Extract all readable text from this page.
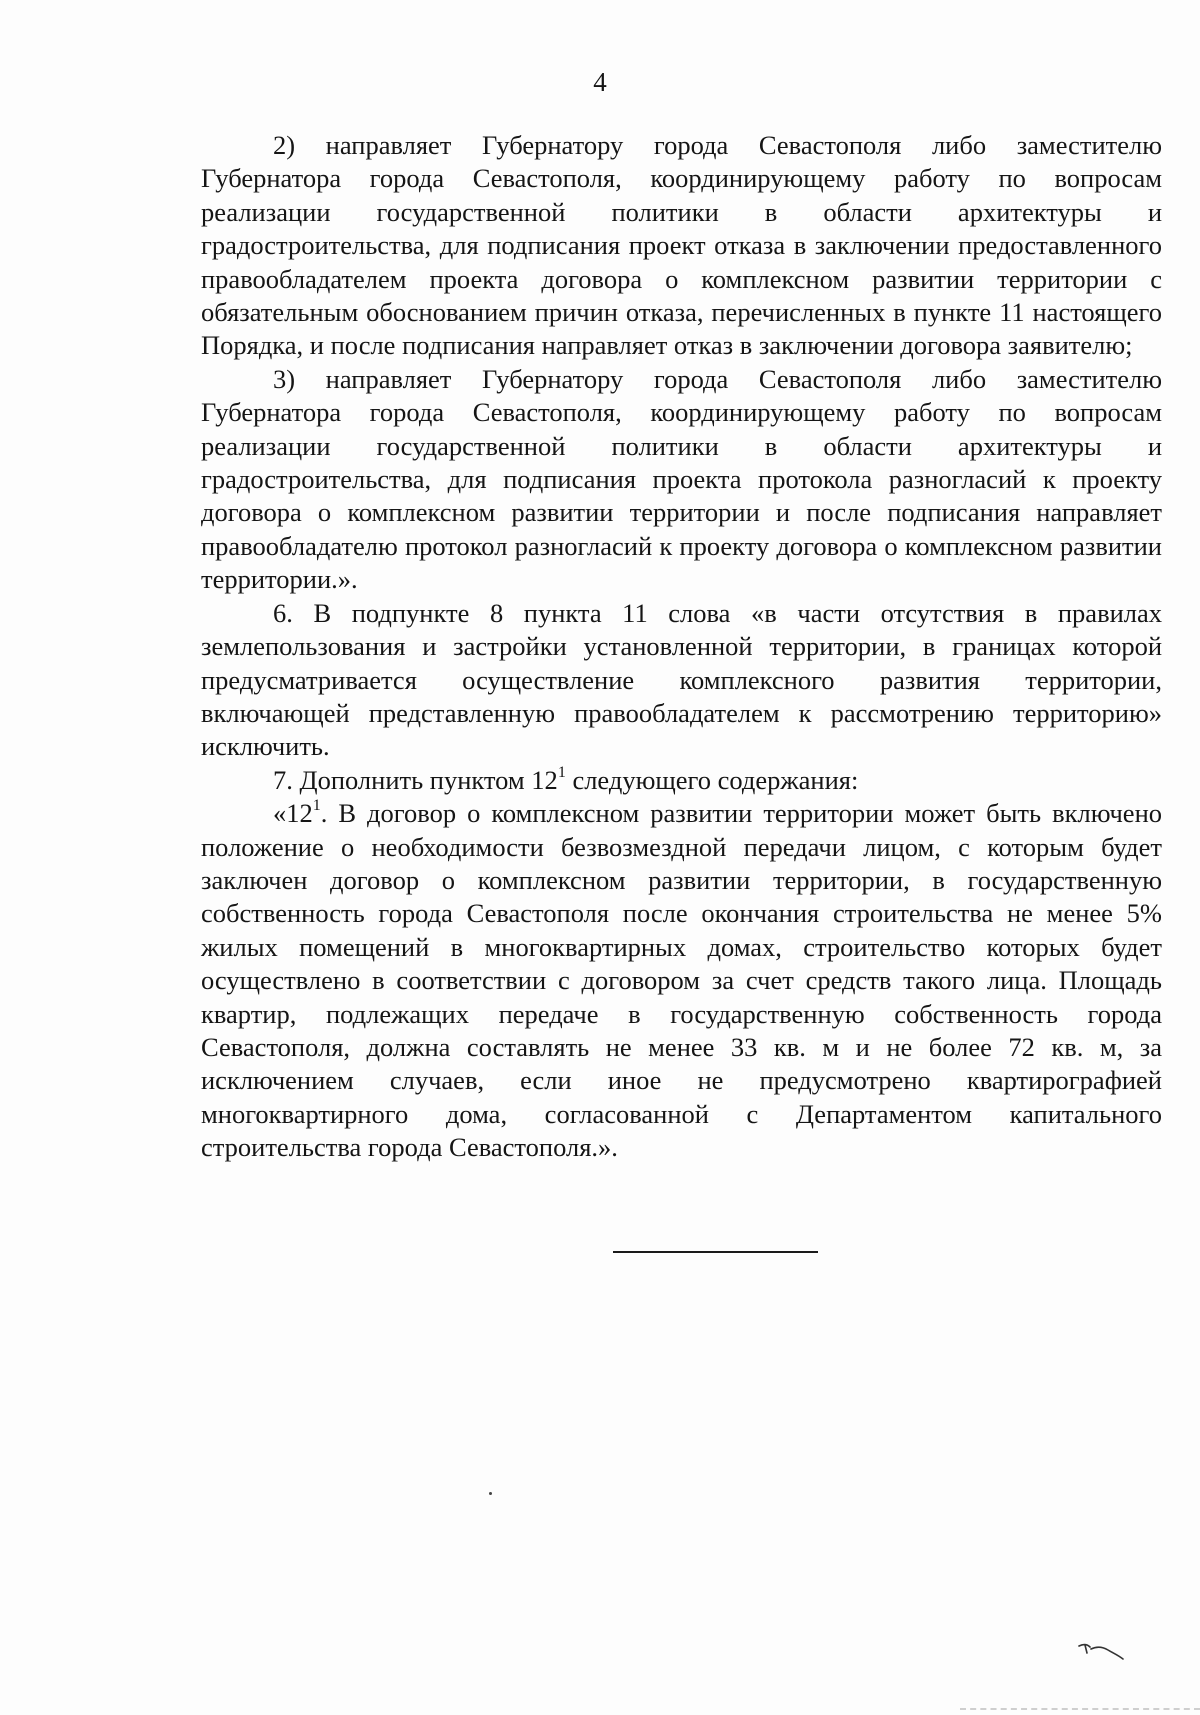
4

2) направляет Губернатору города Севастополя либо заместителю Губернатора города Севастополя, координирующему работу по вопросам реализации государственной политики в области архитектуры и градостроительства, для подписания проект отказа в заключении предоставленного правообладателем проекта договора о комплексном развитии территории с обязательным обоснованием причин отказа, перечисленных в пункте 11 настоящего Порядка, и после подписания направляет отказ в заключении договора заявителю;

3) направляет Губернатору города Севастополя либо заместителю Губернатора города Севастополя, координирующему работу по вопросам реализации государственной политики в области архитектуры и градостроительства, для подписания проекта протокола разногласий к проекту договора о комплексном развитии территории и после подписания направляет правообладателю протокол разногласий к проекту договора о комплексном развитии территории.».

6. В подпункте 8 пункта 11 слова «в части отсутствия в правилах землепользования и застройки установленной территории, в границах которой предусматривается осуществление комплексного развития территории, включающей представленную правообладателем к рассмотрению территорию» исключить.

7. Дополнить пунктом $12^1$ следующего содержания:

«$12^1$. В договор о комплексном развитии территории может быть включено положение о необходимости безвозмездной передачи лицом, с которым будет заключен договор о комплексном развитии территории, в государственную собственность города Севастополя после окончания строительства не менее 5% жилых помещений в многоквартирных домах, строительство которых будет осуществлено в соответствии с договором за счет средств такого лица. Площадь квартир, подлежащих передаче в государственную собственность города Севастополя, должна составлять не менее 33 кв. м и не более 72 кв. м, за исключением случаев, если иное не предусмотрено квартирографией многоквартирного дома, согласованной с Департаментом капитального строительства города Севастополя.».
